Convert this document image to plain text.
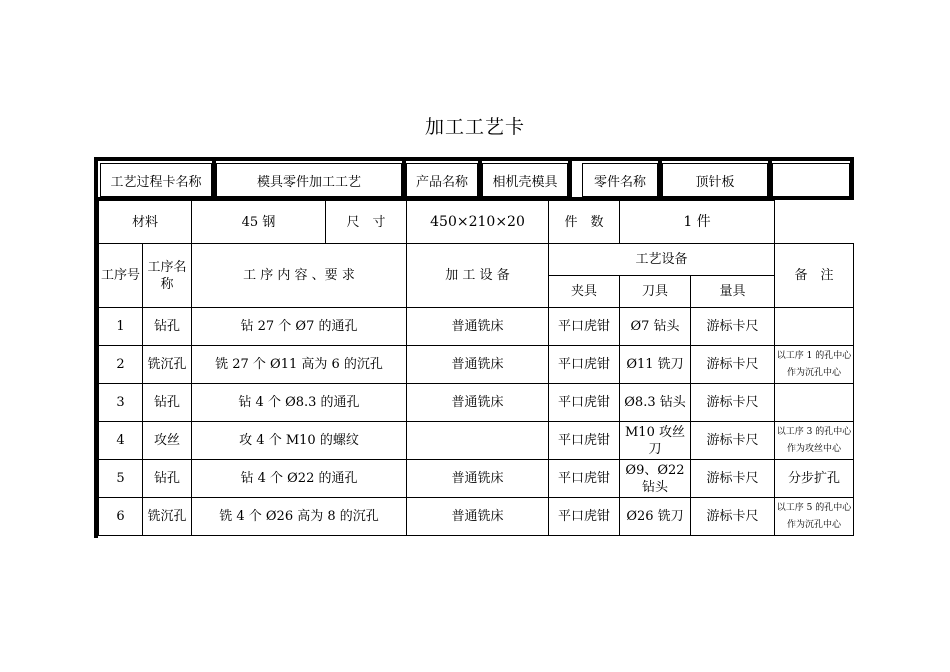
加工工艺卡
工艺过程卡名称	模具零件加工工艺	产品名称	相机壳模具	零件名称	顶针板
材料		45 钢	尺　寸	450×210×20	件　数	1 件		
工序号	工序名称	工 序 内 容 、要 求		加 工 设 备	工艺设备			备　注
					夹具	刀具	量具	
1	钻孔	钻 27 个 Ø7 的通孔		普通铣床	平口虎钳	Ø7 钻头	游标卡尺	
2	铣沉孔	铣 27 个 Ø11 高为 6 的沉孔		普通铣床	平口虎钳	Ø11 铣刀	游标卡尺	以工序 1 的孔中心作为沉孔中心
3	钻孔	钻 4 个 Ø8.3 的通孔		普通铣床	平口虎钳	Ø8.3 钻头	游标卡尺	
4	攻丝	攻 4 个 M10 的螺纹			平口虎钳	M10 攻丝刀	游标卡尺	以工序 3 的孔中心作为攻丝中心
5	钻孔	钻 4 个 Ø22 的通孔		普通铣床	平口虎钳	Ø9、Ø22 钻头	游标卡尺	分步扩孔
6	铣沉孔	铣 4 个 Ø26 高为 8 的沉孔		普通铣床	平口虎钳	Ø26 铣刀	游标卡尺	以工序 5 的孔中心作为沉孔中心
